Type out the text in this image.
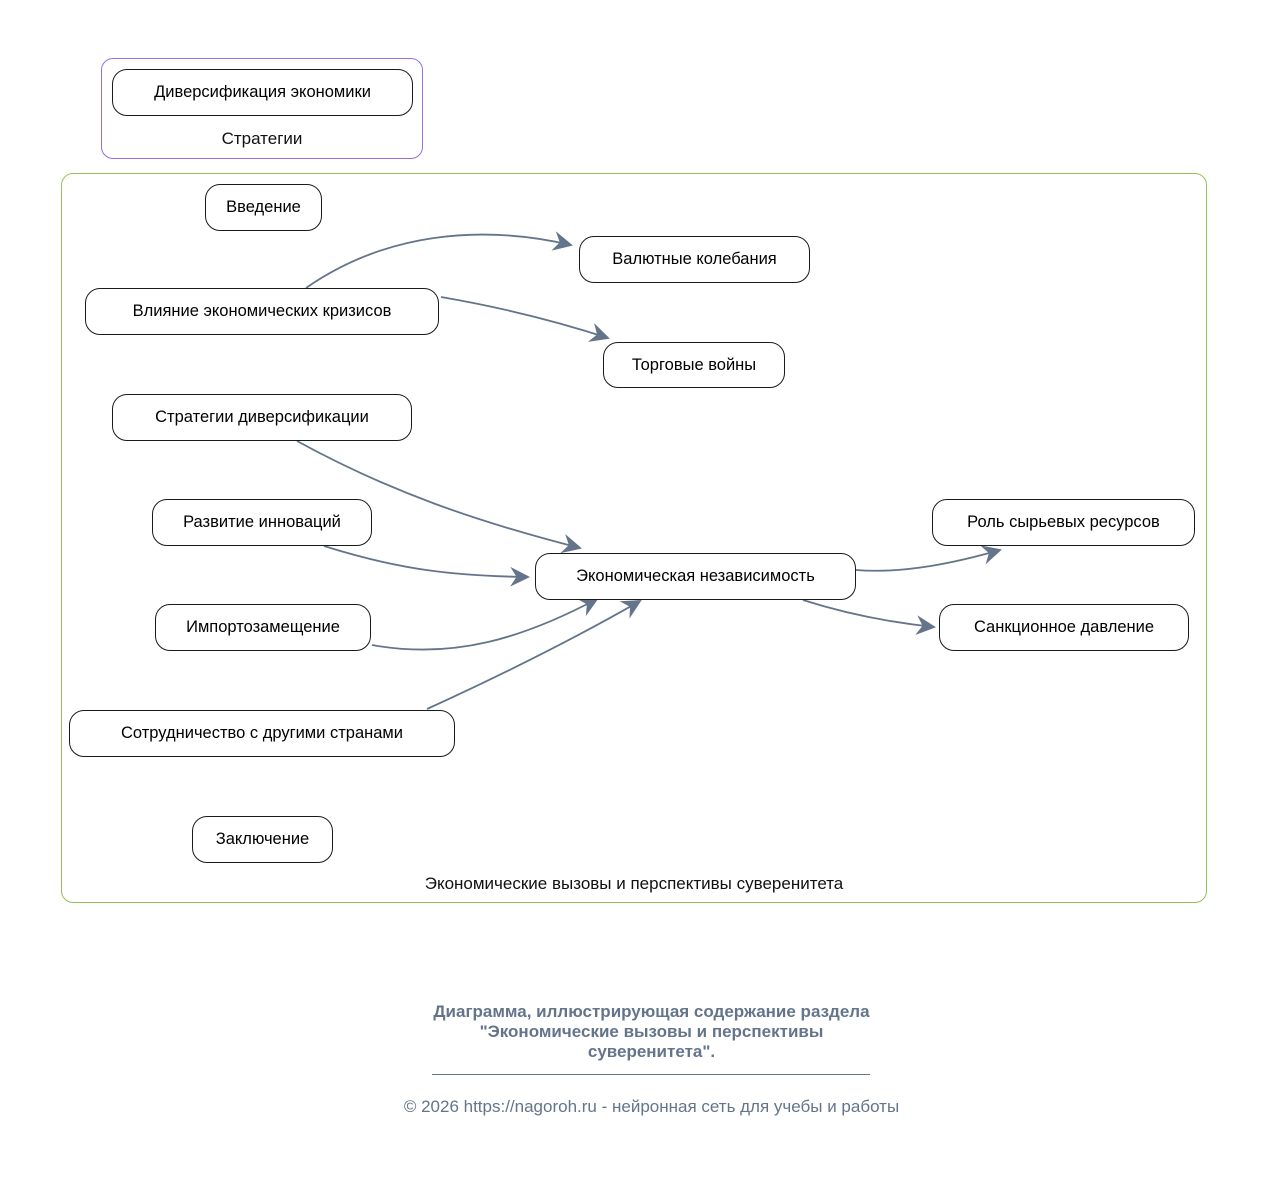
Стратегии
Экономические вызовы и перспективы суверенитета
Диверсификация экономики
Введение
Влияние экономических кризисов
Валютные колебания
Торговые войны
Стратегии диверсификации
Развитие инноваций
Экономическая независимость
Импортозамещение
Роль сырьевых ресурсов
Санкционное давление
Сотрудничество с другими странами
Заключение
Диаграмма, иллюстрирующая содержание раздела
"Экономические вызовы и перспективы
суверенитета".
© 2026 https://nagoroh.ru - нейронная сеть для учебы и работы
